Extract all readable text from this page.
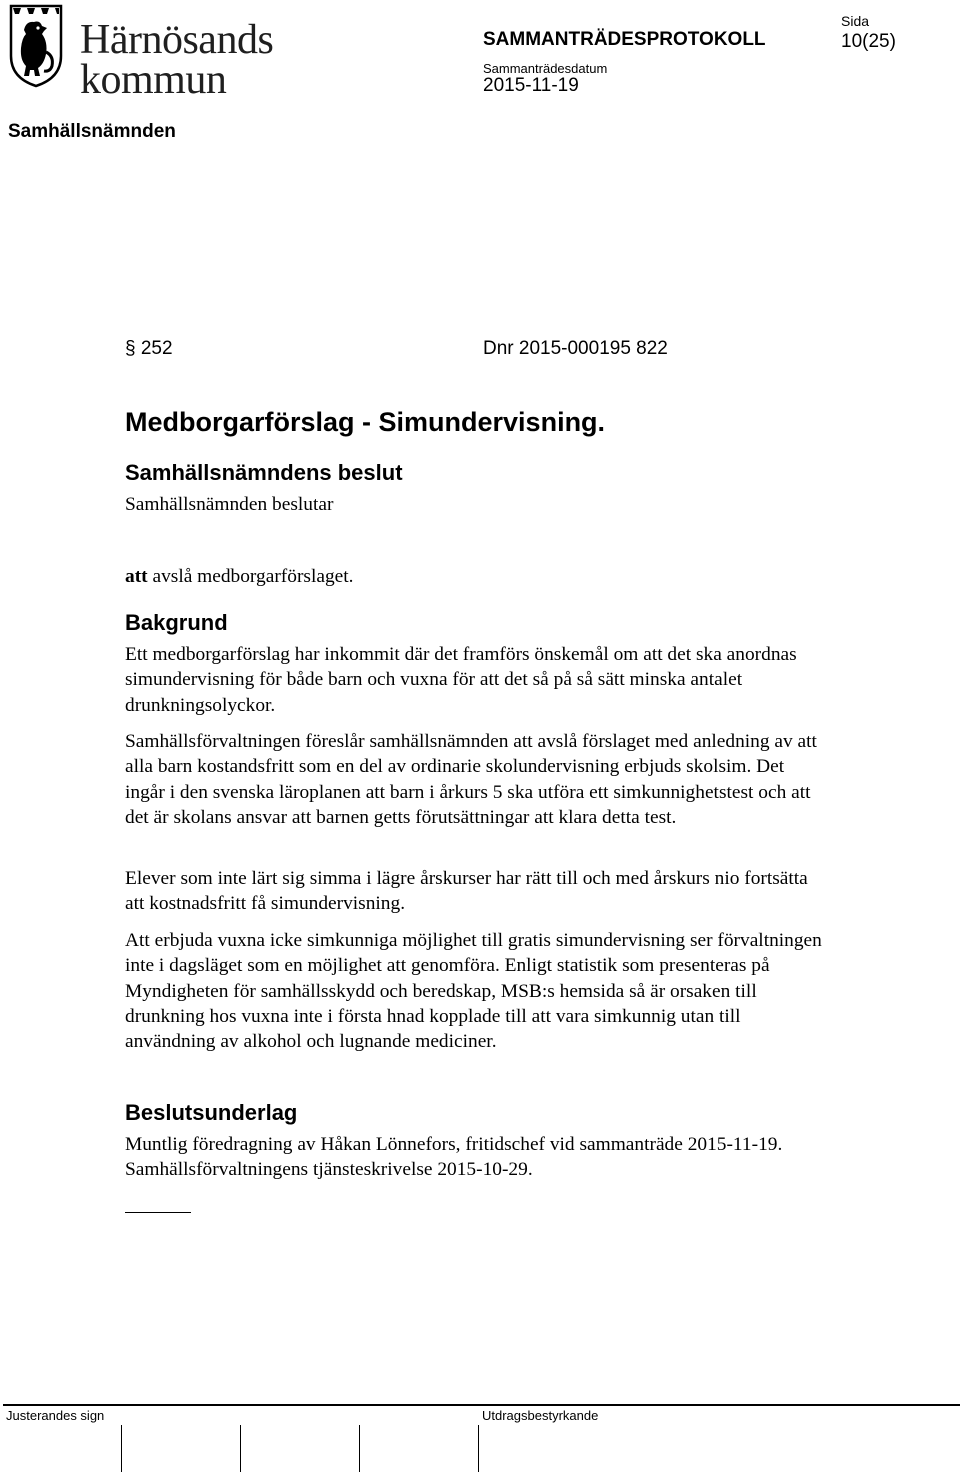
Härnösands
kommun
SAMMANTRÄDESPROTOKOLL
Sida
10(25)
Sammanträdesdatum
2015-11-19
Samhällsnämnden
§ 252	Dnr 2015-000195 822
Medborgarförslag - Simundervisning.
Samhällsnämndens beslut

Samhällsnämnden beslutar

att avslå medborgarförslaget.

Bakgrund

Ett medborgarförslag har inkommit där det framförs önskemål om att det ska anordnas simundervisning för både barn och vuxna för att det så på så sätt minska antalet drunkningsolyckor.

Samhällsförvaltningen föreslår samhällsnämnden att avslå förslaget med anledning av att alla barn kostandsfritt som en del av ordinarie skolundervisning erbjuds skolsim. Det ingår i den svenska läroplanen att barn i årkurs 5 ska utföra ett simkunnighetstest och att det är skolans ansvar att barnen getts förutsättningar att klara detta test.

Elever som inte lärt sig simma i lägre årskurser har rätt till och med årskurs nio fortsätta att kostnadsfritt få simundervisning.

Att erbjuda vuxna icke simkunniga möjlighet till gratis simundervisning ser förvaltningen inte i dagsläget som en möjlighet att genomföra. Enligt statistik som presenteras på Myndigheten för samhällsskydd och beredskap, MSB:s hemsida så är orsaken till drunkning hos vuxna inte i första hnad kopplade till att vara simkunnig utan till användning av alkohol och lugnande mediciner.

Beslutsunderlag

Muntlig föredragning av Håkan Lönnefors, fritidschef vid sammanträde 2015-11-19. Samhällsförvaltningens tjänsteskrivelse 2015-10-29.

Justerandes sign	Utdragsbestyrkande
